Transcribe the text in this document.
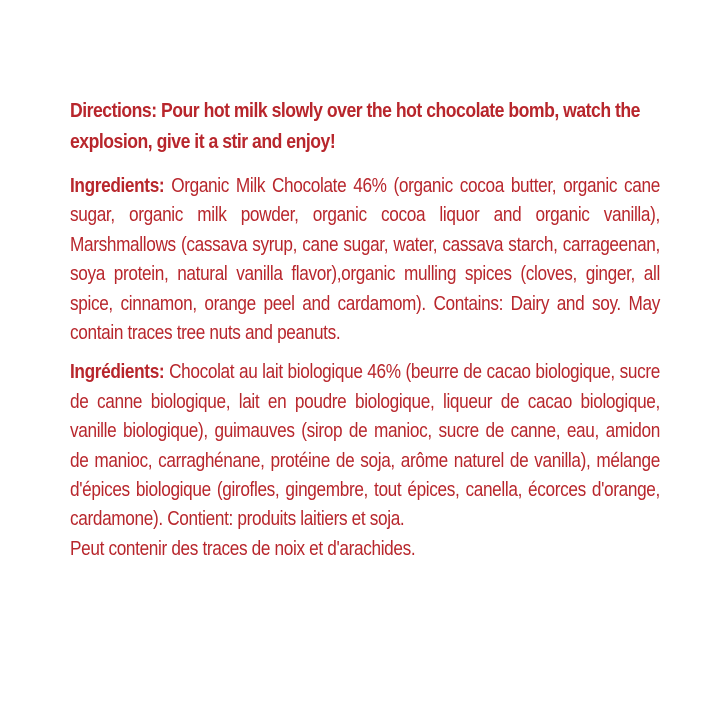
Directions: Pour hot milk slowly over the hot chocolate bomb, watch the explosion, give it a stir and enjoy!

Ingredients: Organic Milk Chocolate 46% (organic cocoa butter, organic cane sugar, organic milk powder, organic cocoa liquor and organic vanilla), Marshmallows (cassava syrup, cane sugar, water, cassava starch, carrageenan, soya protein, natural vanilla flavor),organic mulling spices (cloves, ginger, all spice, cinnamon, orange peel and cardamom). Contains: Dairy and soy. May contain traces tree nuts and peanuts.

Ingrédients: Chocolat au lait biologique 46% (beurre de cacao biologique, sucre de canne biologique, lait en poudre biologique, liqueur de cacao biologique, vanille biologique), guimauves (sirop de manioc, sucre de canne, eau, amidon de manioc, carraghénane, protéine de soja, arôme naturel de vanilla), mélange d'épices biologique (girofles, gingembre, tout épices, canella, écorces d'orange, cardamone). Contient: produits laitiers et soja.
Peut contenir des traces de noix et d'arachides.
